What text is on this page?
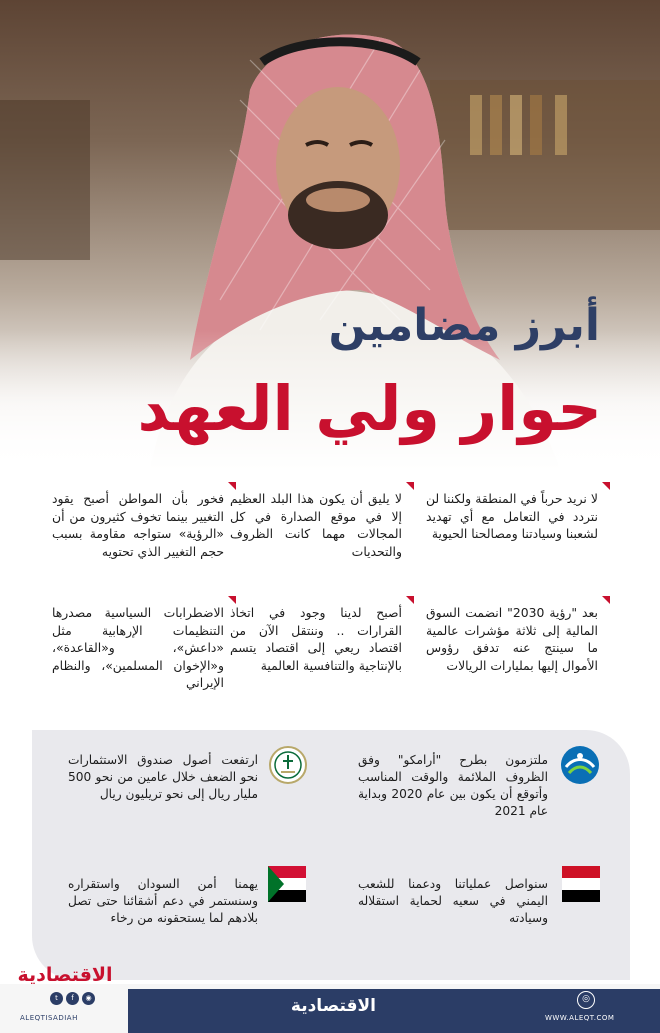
أبرز مضامين
حوار ولي العهد
لا نريد حرباً في المنطقة ولكننا لن نتردد في التعامل مع أي تهديد لشعبنا وسيادتنا ومصالحنا الحيوية
لا يليق أن يكون هذا البلد العظيم إلا في موقع الصدارة في كل المجالات مهما كانت الظروف والتحديات
فخور بأن المواطن أصبح يقود التغيير بينما تخوف كثيرون من أن «الرؤية» ستواجه مقاومة بسبب حجم التغيير الذي تحتويه
بعد "رؤية 2030" انضمت السوق المالية إلى ثلاثة مؤشرات عالمية ما سينتج عنه تدفق رؤوس الأموال إليها بمليارات الريالات
أصبح لدينا وجود في اتخاذ القرارات .. وننتقل الآن من اقتصاد ريعي إلى اقتصاد يتسم بالإنتاجية والتنافسية العالمية
الاضطرابات السياسية مصدرها التنظيمات الإرهابية مثل «داعش»، و«القاعدة»، و«الإخوان المسلمين»، والنظام الإيراني
ملتزمون بطرح "أرامكو" وفق الظروف الملائمة والوقت المناسب وأتوقع أن يكون بين عام 2020 وبداية عام 2021
ارتفعت أصول صندوق الاستثمارات نحو الضعف خلال عامين من نحو 500 مليار ريال إلى نحو تريليون ريال
سنواصل عملياتنا ودعمنا للشعب اليمني في سعيه لحماية استقلاله وسيادته
يهمنا أمن السودان واستقراره وسنستمر في دعم أشقائنا حتى تصل بلادهم لما يستحقونه من رخاء
الاقتصادية	◎
WWW.ALEQT.COM
الاقتصادية
t	f	◉
ALEQTISADIAH
